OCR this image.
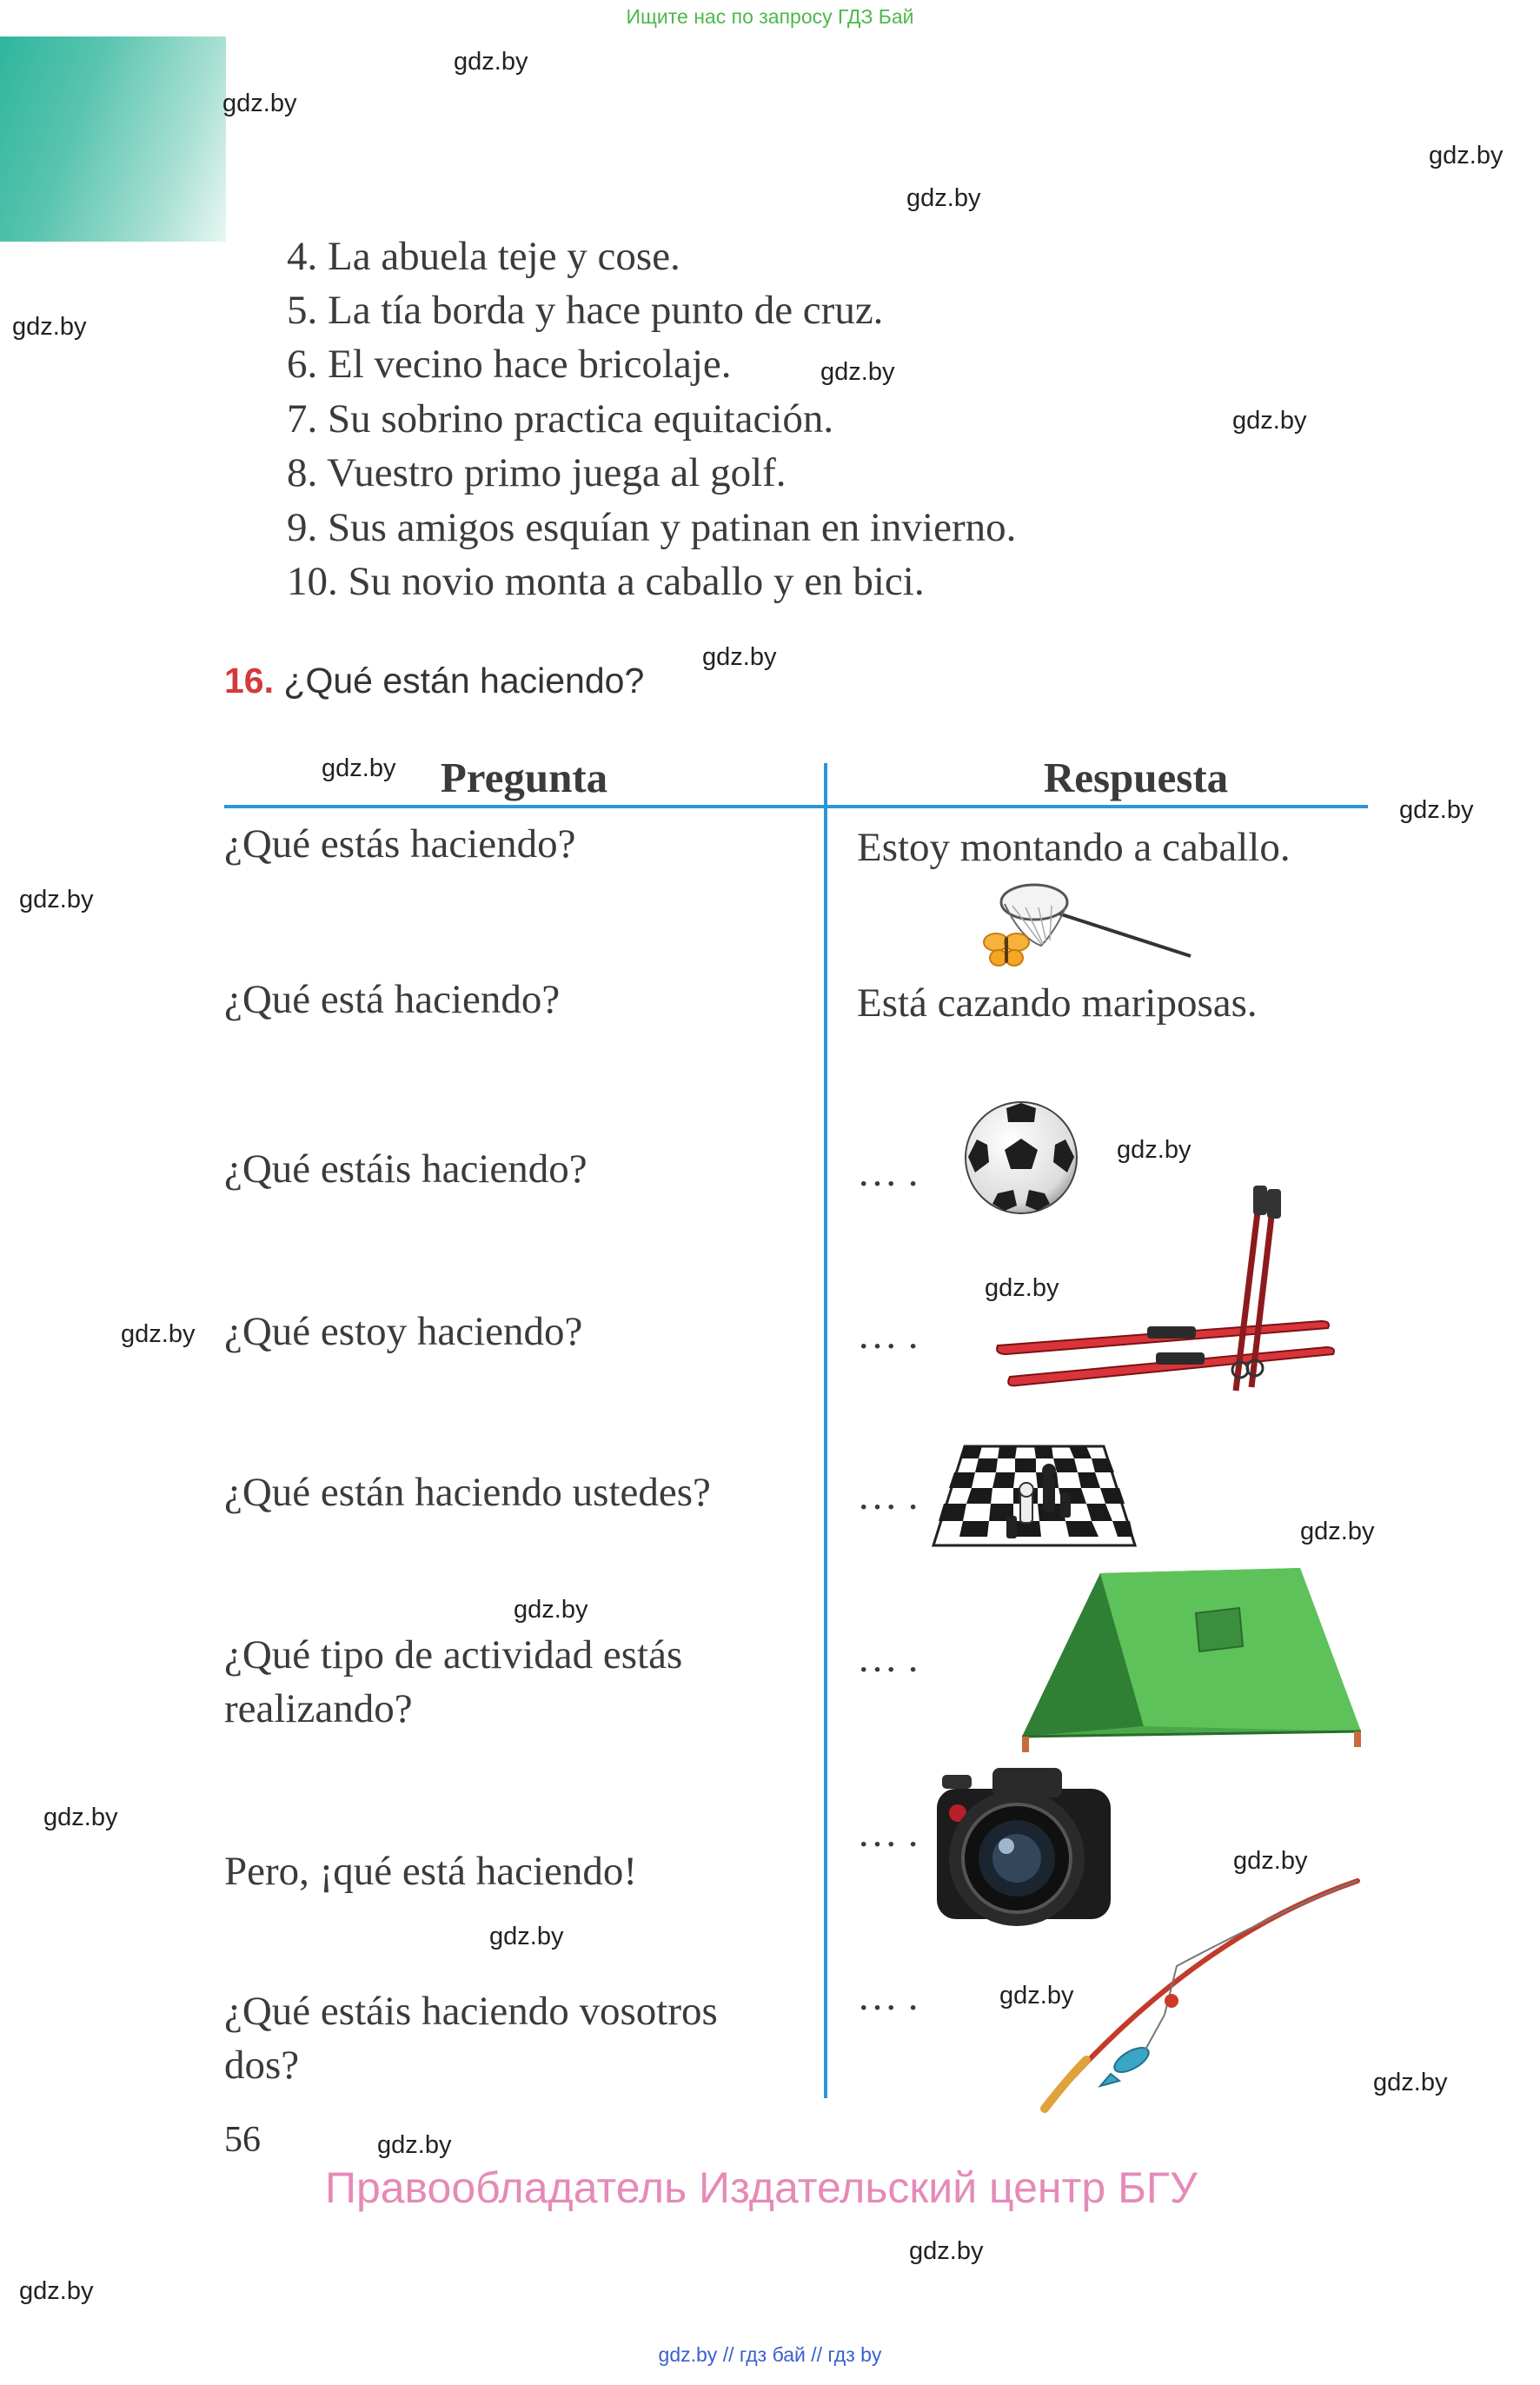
Ищите нас по запросу ГДЗ Бай
gdz.by
gdz.by
gdz.by
gdz.by
gdz.by
gdz.by
gdz.by
gdz.by
gdz.by
gdz.by
gdz.by
gdz.by
gdz.by
gdz.by
gdz.by
gdz.by
gdz.by
gdz.by
gdz.by
gdz.by
gdz.by
gdz.by
gdz.by
gdz.by
4. La abuela teje y cose.
5. La tía borda y hace punto de cruz.
6. El vecino hace bricolaje.
7. Su sobrino practica equitación.
8. Vuestro primo juega al golf.
9. Sus amigos esquían y patinan en invierno.
10. Su novio monta a caballo y en bici.
16. ¿Qué están haciendo?
Pregunta	Respuesta
¿Qué estás haciendo?
¿Qué está haciendo?
¿Qué estáis haciendo?
¿Qué estoy haciendo?
¿Qué están haciendo ustedes?
¿Qué tipo de actividad estás realizando?
Pero, ¡qué está haciendo!
¿Qué estáis haciendo vosotros dos?
Estoy montando a caballo.
Está cazando mariposas.
… .
… .
… .
… .
… .
… .
56
Правообладатель Издательский центр БГУ
gdz.by // гдз бай // гдз by
